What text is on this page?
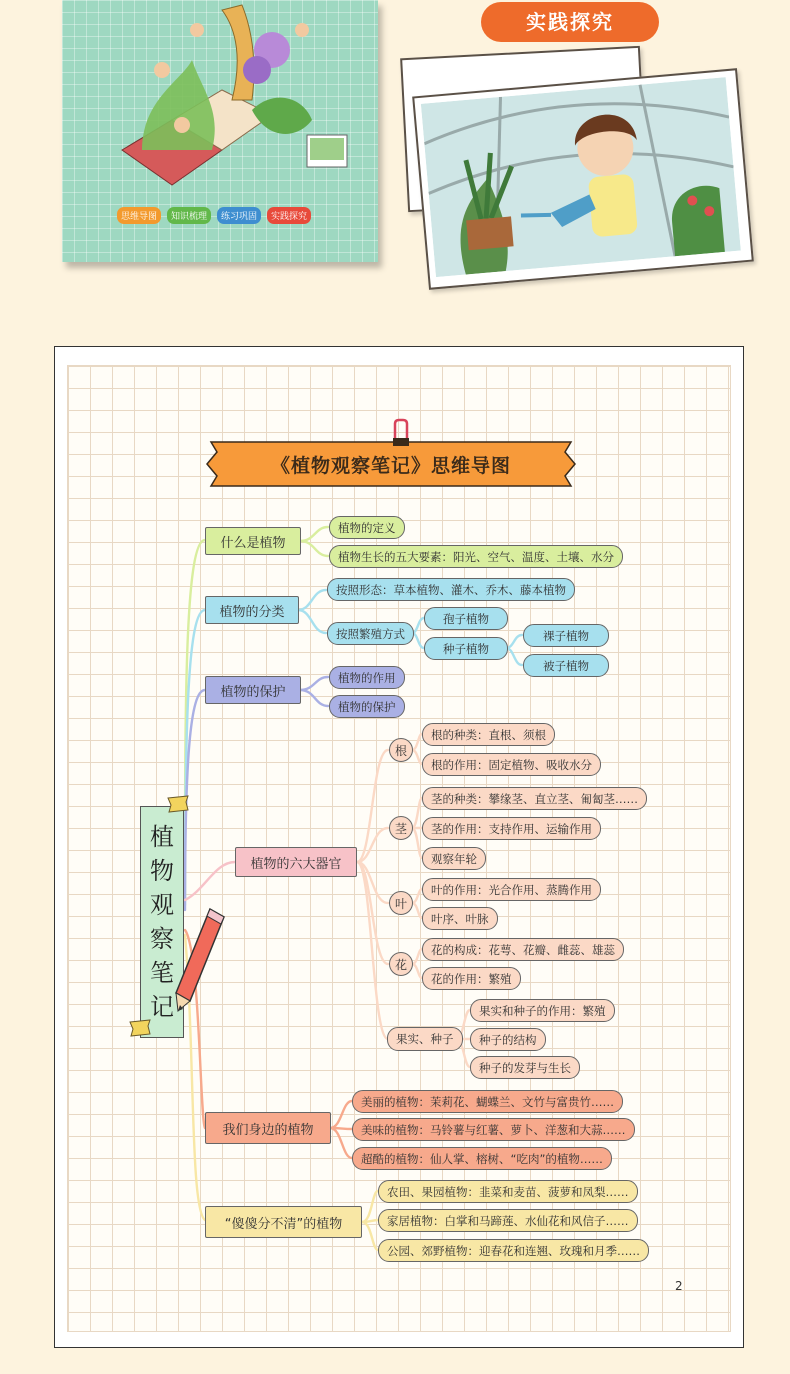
思维导图	知识梳理	练习巩固	实践探究
实践探究
《植物观察笔记》思维导图
植
物
观
察
笔
记
什么是植物
植物的分类
植物的保护
植物的六大器官
我们身边的植物
“傻傻分不清”的植物
植物的定义
植物生长的五大要素：阳光、空气、温度、土壤、水分
按照形态：草本植物、灌木、乔木、藤本植物
按照繁殖方式
孢子植物
种子植物
裸子植物
被子植物
植物的作用
植物的保护
根
茎
叶
花
果实、种子
根的种类：直根、须根
根的作用：固定植物、吸收水分
茎的种类：攀缘茎、直立茎、匍匐茎……
茎的作用：支持作用、运输作用
观察年轮
叶的作用：光合作用、蒸腾作用
叶序、叶脉
花的构成：花萼、花瓣、雌蕊、雄蕊
花的作用：繁殖
果实和种子的作用：繁殖
种子的结构
种子的发芽与生长
美丽的植物：茉莉花、蝴蝶兰、文竹与富贵竹……
美味的植物：马铃薯与红薯、萝卜、洋葱和大蒜……
超酷的植物：仙人掌、榕树、“吃肉”的植物……
农田、果园植物：韭菜和麦苗、菠萝和凤梨……
家居植物：白掌和马蹄莲、水仙花和风信子……
公园、郊野植物：迎春花和连翘、玫瑰和月季……
2
